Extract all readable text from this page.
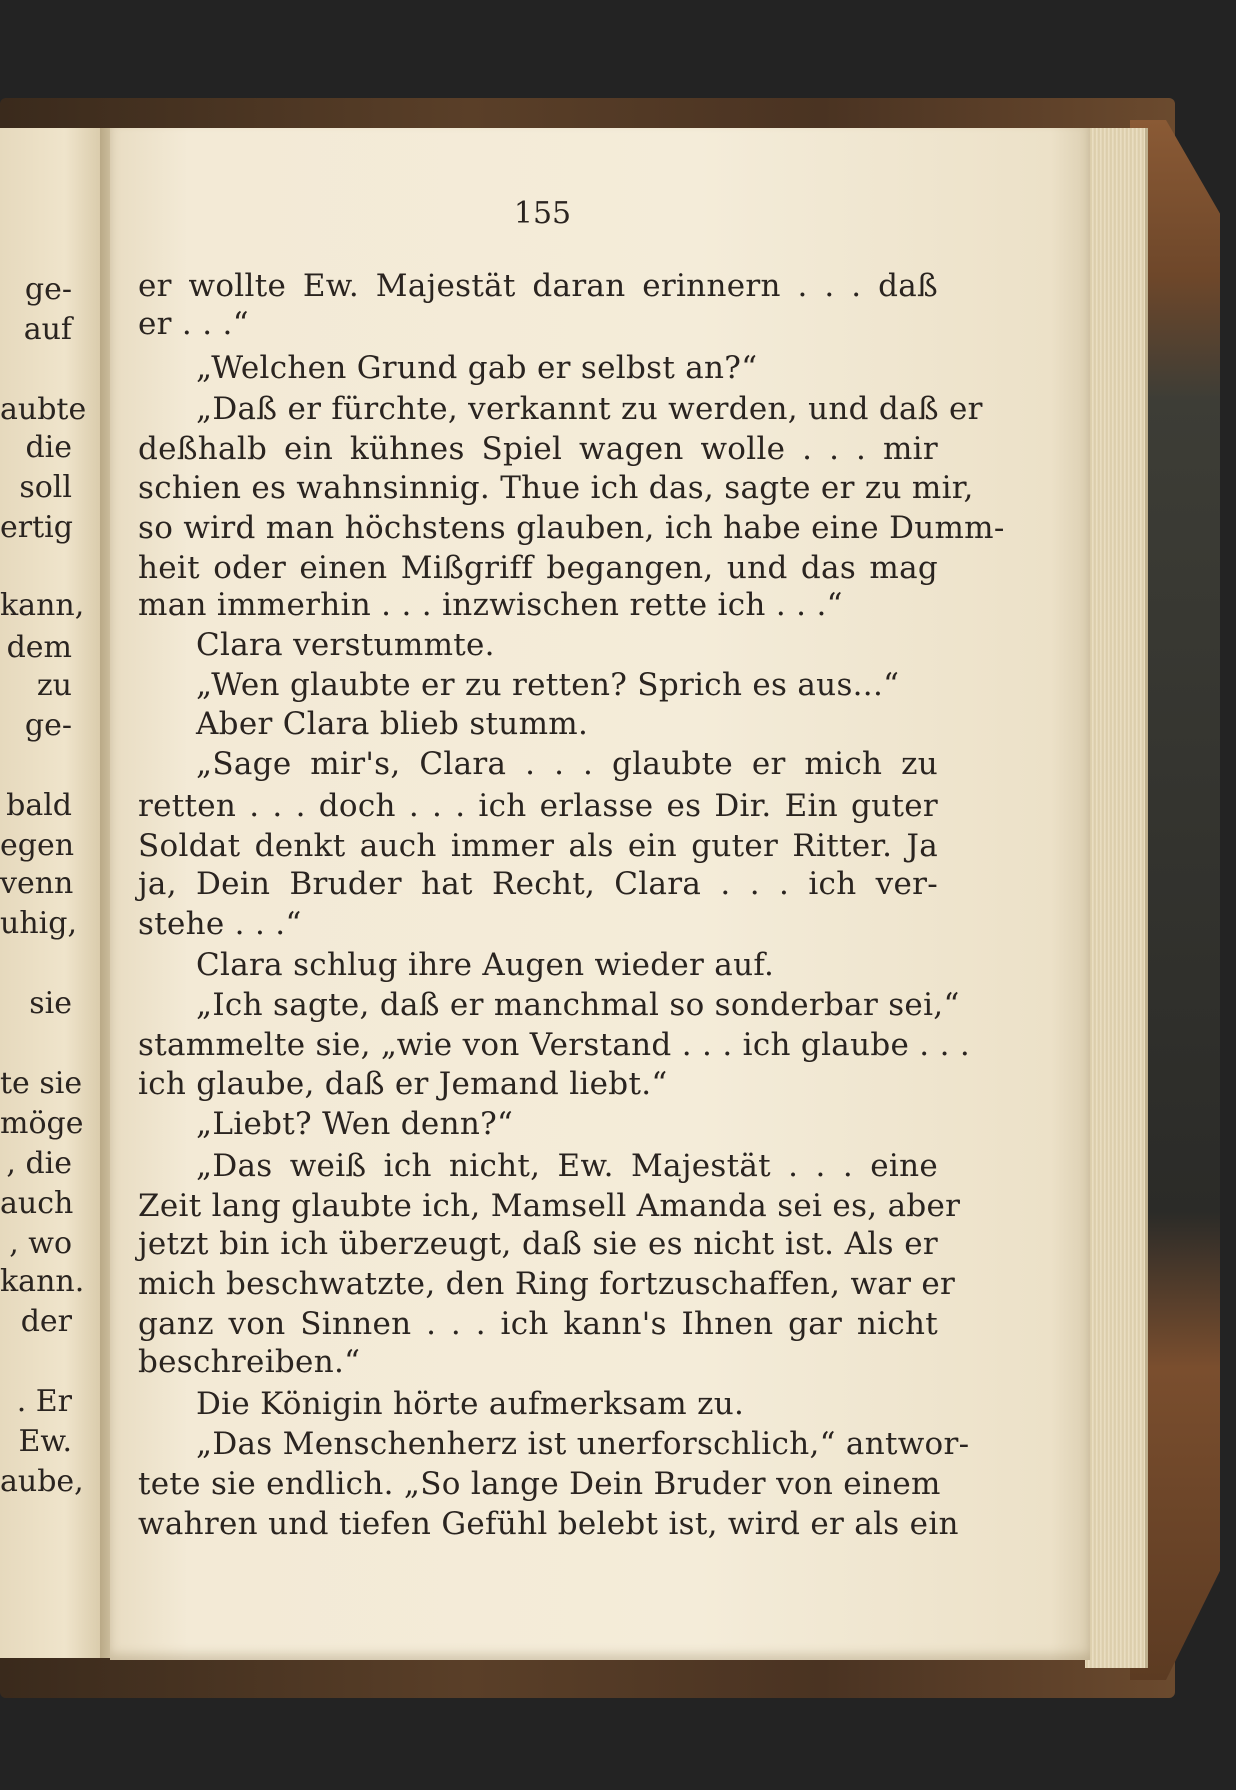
ge-
auf
aubte
die
soll
ertig
kann,
dem
zu
ge-
bald
egen
venn
uhig,
sie
te sie
möge
, die
auch
, wo
kann.
der
. Er
Ew.
aube,
155
er wollte Ew. Majestät daran erinnern . . . daß
er . . .“
„Welchen Grund gab er selbst an?“
„Daß er fürchte, verkannt zu werden, und daß er
deßhalb ein kühnes Spiel wagen wolle . . . mir
schien es wahnsinnig. Thue ich das, sagte er zu mir,
so wird man höchstens glauben, ich habe eine Dumm-
heit oder einen Mißgriff begangen, und das mag
man immerhin . . . inzwischen rette ich . . .“
Clara verstummte.
„Wen glaubte er zu retten? Sprich es aus...“
Aber Clara blieb stumm.
„Sage mir's, Clara . . . glaubte er mich zu
retten . . . doch . . . ich erlasse es Dir. Ein guter
Soldat denkt auch immer als ein guter Ritter. Ja
ja, Dein Bruder hat Recht, Clara . . . ich ver-
stehe . . .“
Clara schlug ihre Augen wieder auf.
„Ich sagte, daß er manchmal so sonderbar sei,“
stammelte sie, „wie von Verstand . . . ich glaube . . .
ich glaube, daß er Jemand liebt.“
„Liebt? Wen denn?“
„Das weiß ich nicht, Ew. Majestät . . . eine
Zeit lang glaubte ich, Mamsell Amanda sei es, aber
jetzt bin ich überzeugt, daß sie es nicht ist. Als er
mich beschwatzte, den Ring fortzuschaffen, war er
ganz von Sinnen . . . ich kann's Ihnen gar nicht
beschreiben.“
Die Königin hörte aufmerksam zu.
„Das Menschenherz ist unerforschlich,“ antwor-
tete sie endlich. „So lange Dein Bruder von einem
wahren und tiefen Gefühl belebt ist, wird er als ein
